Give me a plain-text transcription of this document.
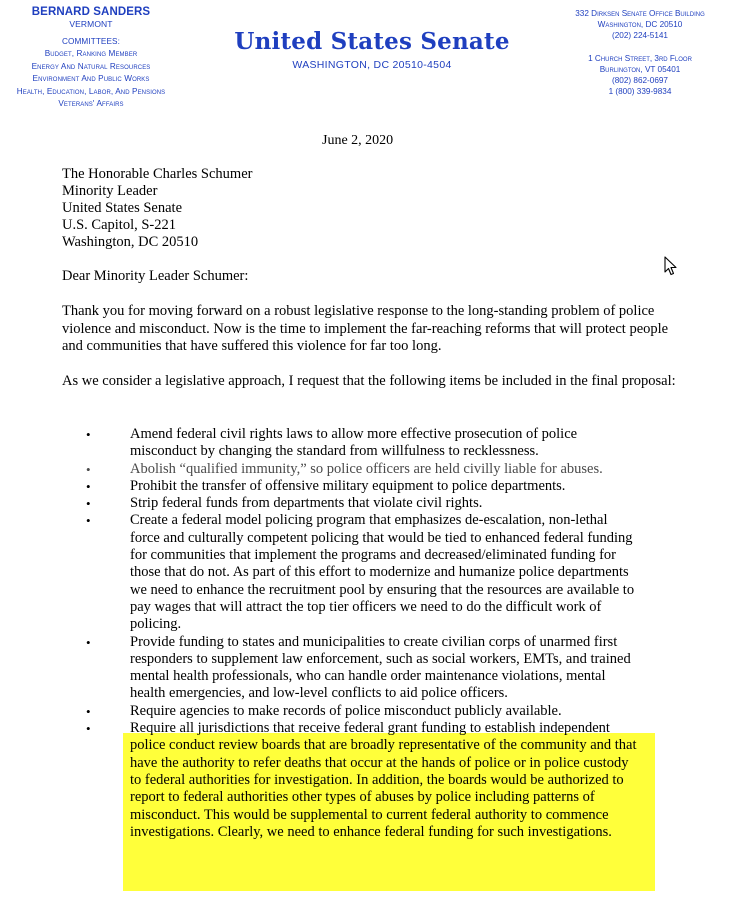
BERNARD SANDERS
VERMONT
COMMITTEES:
Budget, Ranking Member
Energy And Natural Resources
Environment And Public Works
Health, Education, Labor, And Pensions
Veterans' Affairs
United States Senate
WASHINGTON, DC 20510-4504
332 Dirksen Senate Office Building
Washington, DC 20510
(202) 224-5141
1 Church Street, 3rd Floor
Burlington, VT 05401
(802) 862-0697
1 (800) 339-9834
June 2, 2020
The Honorable Charles Schumer
Minority Leader
United States Senate
U.S. Capitol, S-221
Washington, DC 20510
Dear Minority Leader Schumer:
Thank you for moving forward on a robust legislative response to the long-standing problem of police violence and misconduct. Now is the time to implement the far-reaching reforms that will protect people and communities that have suffered this violence for far too long.
As we consider a legislative approach, I request that the following items be included in the final proposal:
•	Amend federal civil rights laws to allow more effective prosecution of police misconduct by changing the standard from willfulness to recklessness.
•	Abolish “qualified immunity,” so police officers are held civilly liable for abuses.
•	Prohibit the transfer of offensive military equipment to police departments.
•	Strip federal funds from departments that violate civil rights.
•	Create a federal model policing program that emphasizes de-escalation, non-lethal force and culturally competent policing that would be tied to enhanced federal funding for communities that implement the programs and decreased/eliminated funding for those that do not. As part of this effort to modernize and humanize police departments we need to enhance the recruitment pool by ensuring that the resources are available to pay wages that will attract the top tier officers we need to do the difficult work of policing.
•	Provide funding to states and municipalities to create civilian corps of unarmed first responders to supplement law enforcement, such as social workers, EMTs, and trained mental health professionals, who can handle order maintenance violations, mental health emergencies, and low-level conflicts to aid police officers.
•	Require agencies to make records of police misconduct publicly available.
•	Require all jurisdictions that receive federal grant funding to establish independent police conduct review boards that are broadly representative of the community and that have the authority to refer deaths that occur at the hands of police or in police custody to federal authorities for investigation. In addition, the boards would be authorized to report to federal authorities other types of abuses by police including patterns of misconduct. This would be supplemental to current federal authority to commence investigations. Clearly, we need to enhance federal funding for such investigations.
